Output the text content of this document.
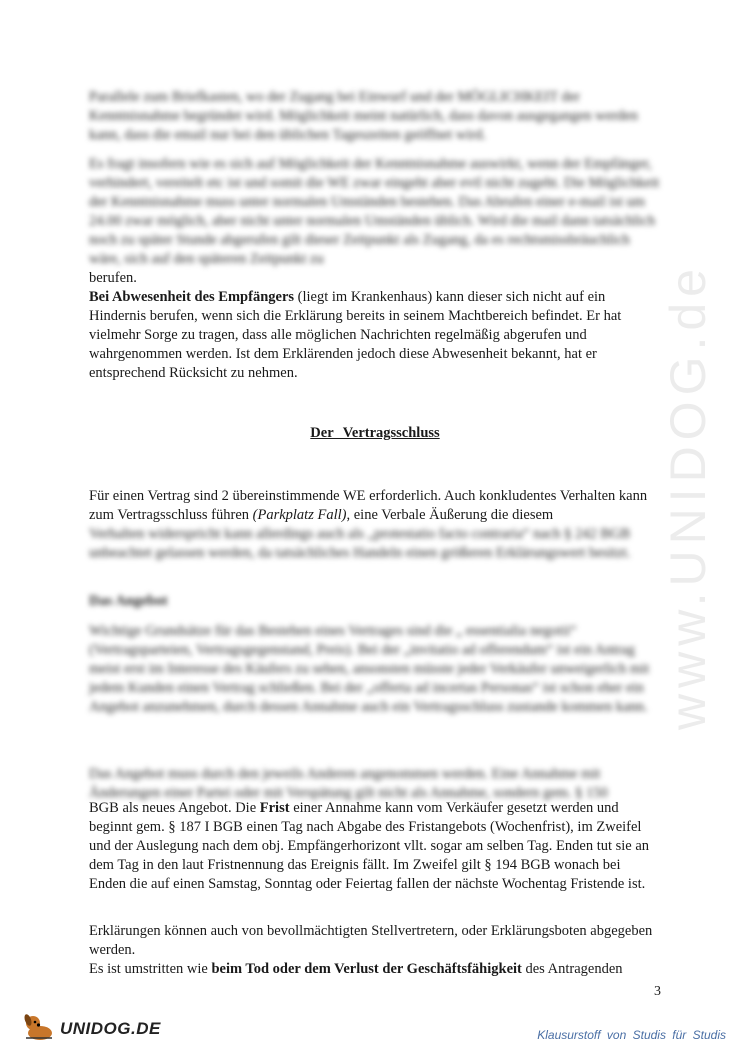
www.UNIDOG.de

Parallele zum Briefkasten, wo der Zugang bei Einwurf und der MÖGLICHKEIT der Kenntnisnahme begründet wird. Möglichkeit meint natürlich, dass davon ausgegangen werden kann, dass die email nur bei den üblichen Tageszeiten geöffnet wird.

Es fragt insofern wie es sich auf Möglichkeit der Kenntnisnahme auswirkt, wenn der Empfänger, verhindert, vereitelt etc ist und somit die WE zwar eingeht aber evtl nicht zugeht. Die Möglichkeit der Kenntnisnahme muss unter normalen Umständen bestehen. Das Abrufen einer e-mail ist um 24.00 zwar möglich, aber nicht unter normalen Umständen üblich. Wird die mail dann tatsächlich noch zu später Stunde abgerufen gilt dieser Zeitpunkt als Zugang, da es rechtsmissbräuchlich wäre, sich auf den späteren Zeitpunkt zu

berufen.

Bei Abwesenheit des Empfängers (liegt im Krankenhaus) kann dieser sich nicht auf ein Hindernis berufen, wenn sich die Erklärung bereits in seinem Machtbereich befindet. Er hat vielmehr Sorge zu tragen, dass alle möglichen Nachrichten regelmäßig abgerufen und wahrgenommen werden. Ist dem Erklärenden jedoch diese Abwesenheit bekannt, hat er entsprechend Rücksicht zu nehmen.

Der Vertragsschluss

Für einen Vertrag sind 2 übereinstimmende WE erforderlich. Auch konkludentes Verhalten kann zum Vertragsschluss führen (Parkplatz Fall), eine Verbale Äußerung die diesem

Verhalten widerspricht kann allerdings auch als „protestatio facto contraria“ nach § 242 BGB unbeachtet gelassen werden, da tatsächliches Handeln einen größeren Erklärungswert besitzt.

Das Angebot

Wichtige Grundsätze für das Bestehen eines Vertrages sind die „ essentialia negotii“ (Vertragsparteien, Vertragsgegenstand, Preis). Bei der „invitatio ad offerendum“ ist ein Antrag meist erst im Interesse des Käufers zu sehen, ansonsten müsste jeder Verkäufer unweigerlich mit jedem Kunden einen Vertrag schließen. Bei der „offerta ad incertas Personas“ ist schon eher ein Angebot anzunehmen, durch dessen Annahme auch ein Vertragsschluss zustande kommen kann.

Das Angebot muss durch den jeweils Anderen angenommen werden. Eine Annahme mit Änderungen einer Partei oder mit Verspätung gilt nicht als Annahme, sondern gem. § 150

BGB als neues Angebot. Die Frist einer Annahme kann vom Verkäufer gesetzt werden und beginnt gem. § 187 I BGB einen Tag nach Abgabe des Fristangebots (Wochenfrist), im Zweifel und der Auslegung nach dem obj. Empfängerhorizont vllt. sogar am selben Tag. Enden tut sie an dem Tag in den laut Fristnennung das Ereignis fällt. Im Zweifel gilt § 194 BGB wonach bei Enden die auf einen Samstag, Sonntag oder Feiertag fallen der nächste Wochentag Fristende ist.

Erklärungen können auch von bevollmächtigten Stellvertretern, oder Erklärungsboten abgegeben werden.

Es ist umstritten wie beim Tod oder dem Verlust der Geschäftsfähigkeit des Antragenden

3
UNIDOG.DE	Klausurstoff von Studis für Studis
